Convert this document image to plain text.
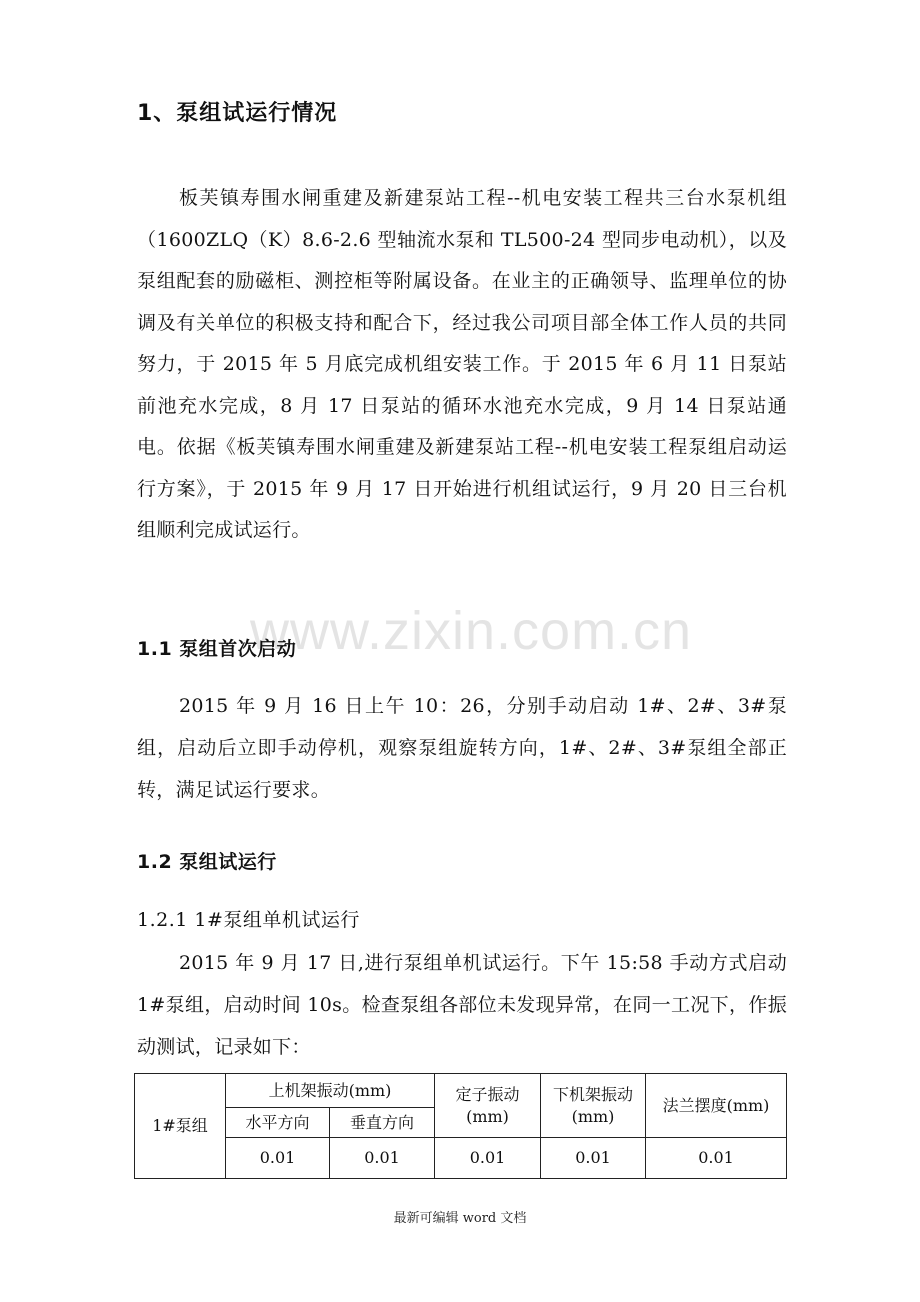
1、泵组试运行情况
板芙镇寿围水闸重建及新建泵站工程--机电安装工程共三台水泵机组（1600ZLQ（K）8.6-2.6 型轴流水泵和 TL500-24 型同步电动机），以及泵组配套的励磁柜、测控柜等附属设备。在业主的正确领导、监理单位的协调及有关单位的积极支持和配合下，经过我公司项目部全体工作人员的共同努力，于 2015 年 5 月底完成机组安装工作。于 2015 年 6 月 11 日泵站前池充水完成，8 月 17 日泵站的循环水池充水完成，9 月 14 日泵站通电。依据《板芙镇寿围水闸重建及新建泵站工程--机电安装工程泵组启动运行方案》，于 2015 年 9 月 17 日开始进行机组试运行，9 月 20 日三台机组顺利完成试运行。
www.zixin.com.cn
1.1 泵组首次启动
2015 年 9 月 16 日上午 10：26，分别手动启动 1#、2#、3#泵组，启动后立即手动停机，观察泵组旋转方向，1#、2#、3#泵组全部正转，满足试运行要求。
1.2 泵组试运行
1.2.1 1#泵组单机试运行
2015 年 9 月 17 日,进行泵组单机试运行。下午 15:58 手动方式启动 1#泵组，启动时间 10s。检查泵组各部位未发现异常，在同一工况下，作振动测试，记录如下：
1#泵组	上机架振动(mm)		定子振动(mm)	下机架振动(mm)	法兰摆度(mm)
	水平方向	垂直方向			
	0.01	0.01	0.01	0.01	0.01
最新可编辑 word 文档
